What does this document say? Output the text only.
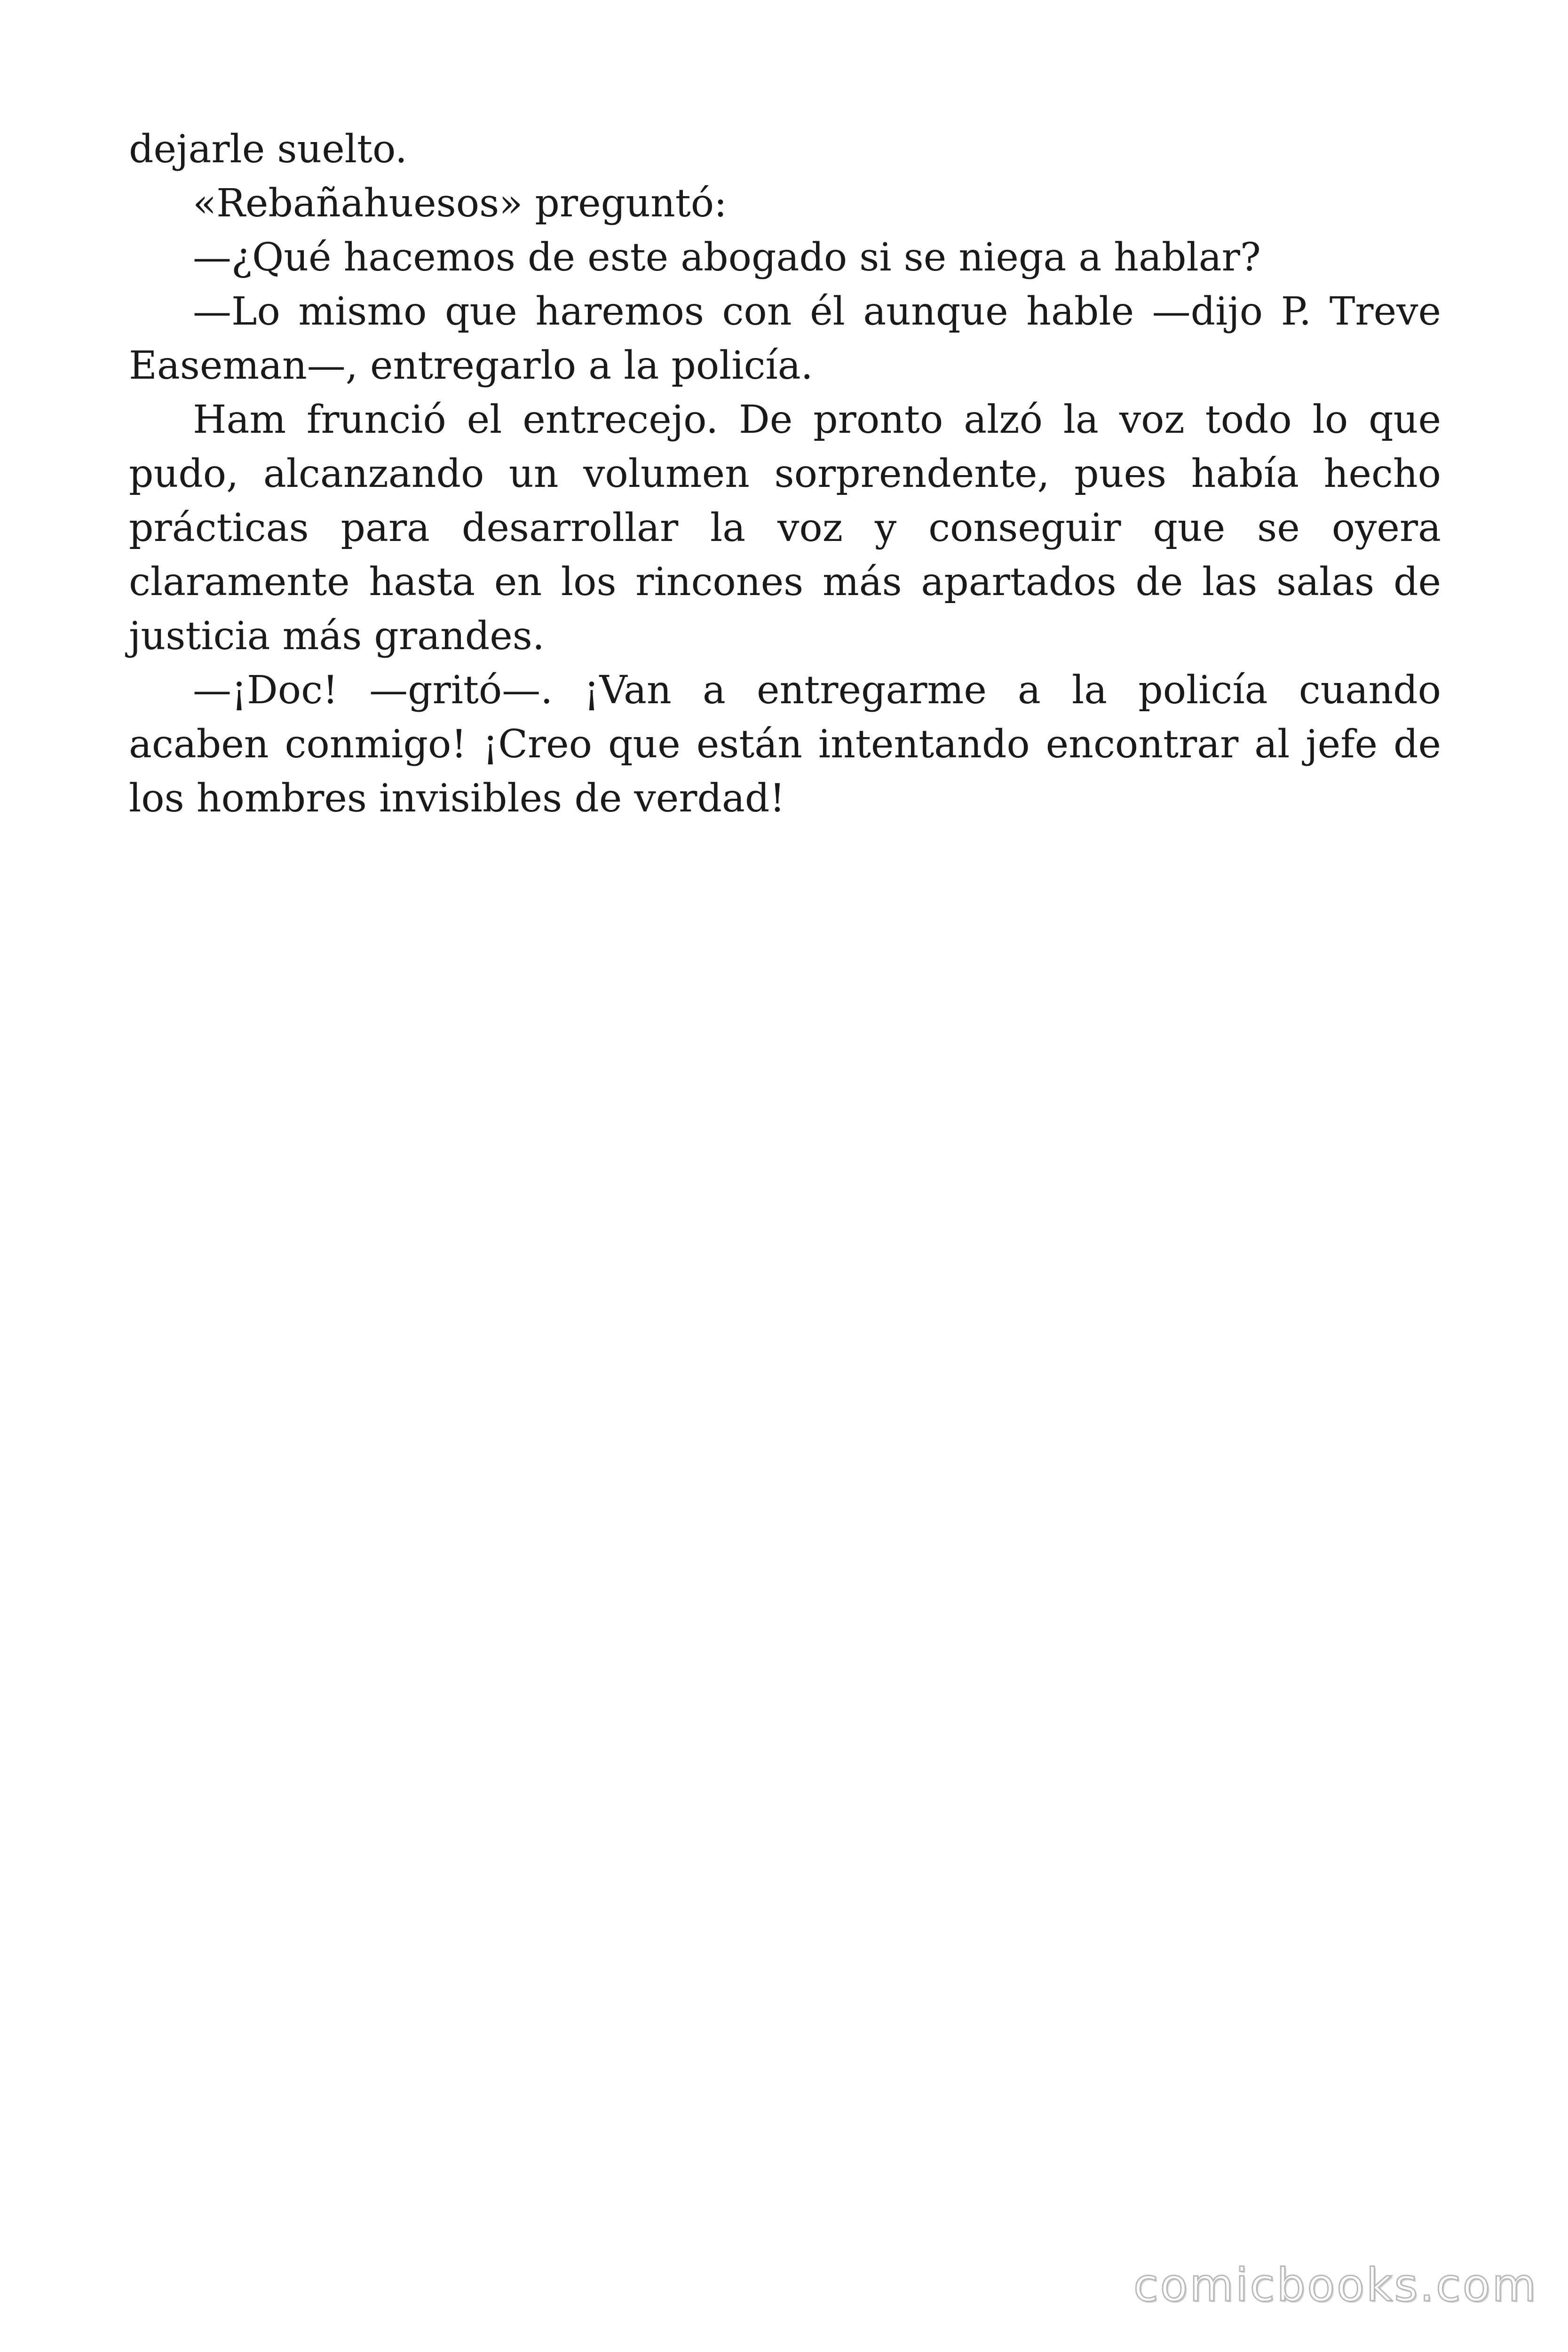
dejarle suelto.

«Rebañahuesos» preguntó:

—¿Qué hacemos de este abogado si se niega a hablar?

—Lo mismo que haremos con él aunque hable —dijo P. Treve Easeman—, entregarlo a la policía.

Ham frunció el entrecejo. De pronto alzó la voz todo lo que pudo, alcanzando un volumen sorprendente, pues había hecho prácticas para desarrollar la voz y conseguir que se oyera claramente hasta en los rincones más apartados de las salas de justicia más grandes.

—¡Doc! —gritó—. ¡Van a entregarme a la policía cuando acaben conmigo! ¡Creo que están intentando encontrar al jefe de los hombres invisibles de verdad!

comicbooks.com
